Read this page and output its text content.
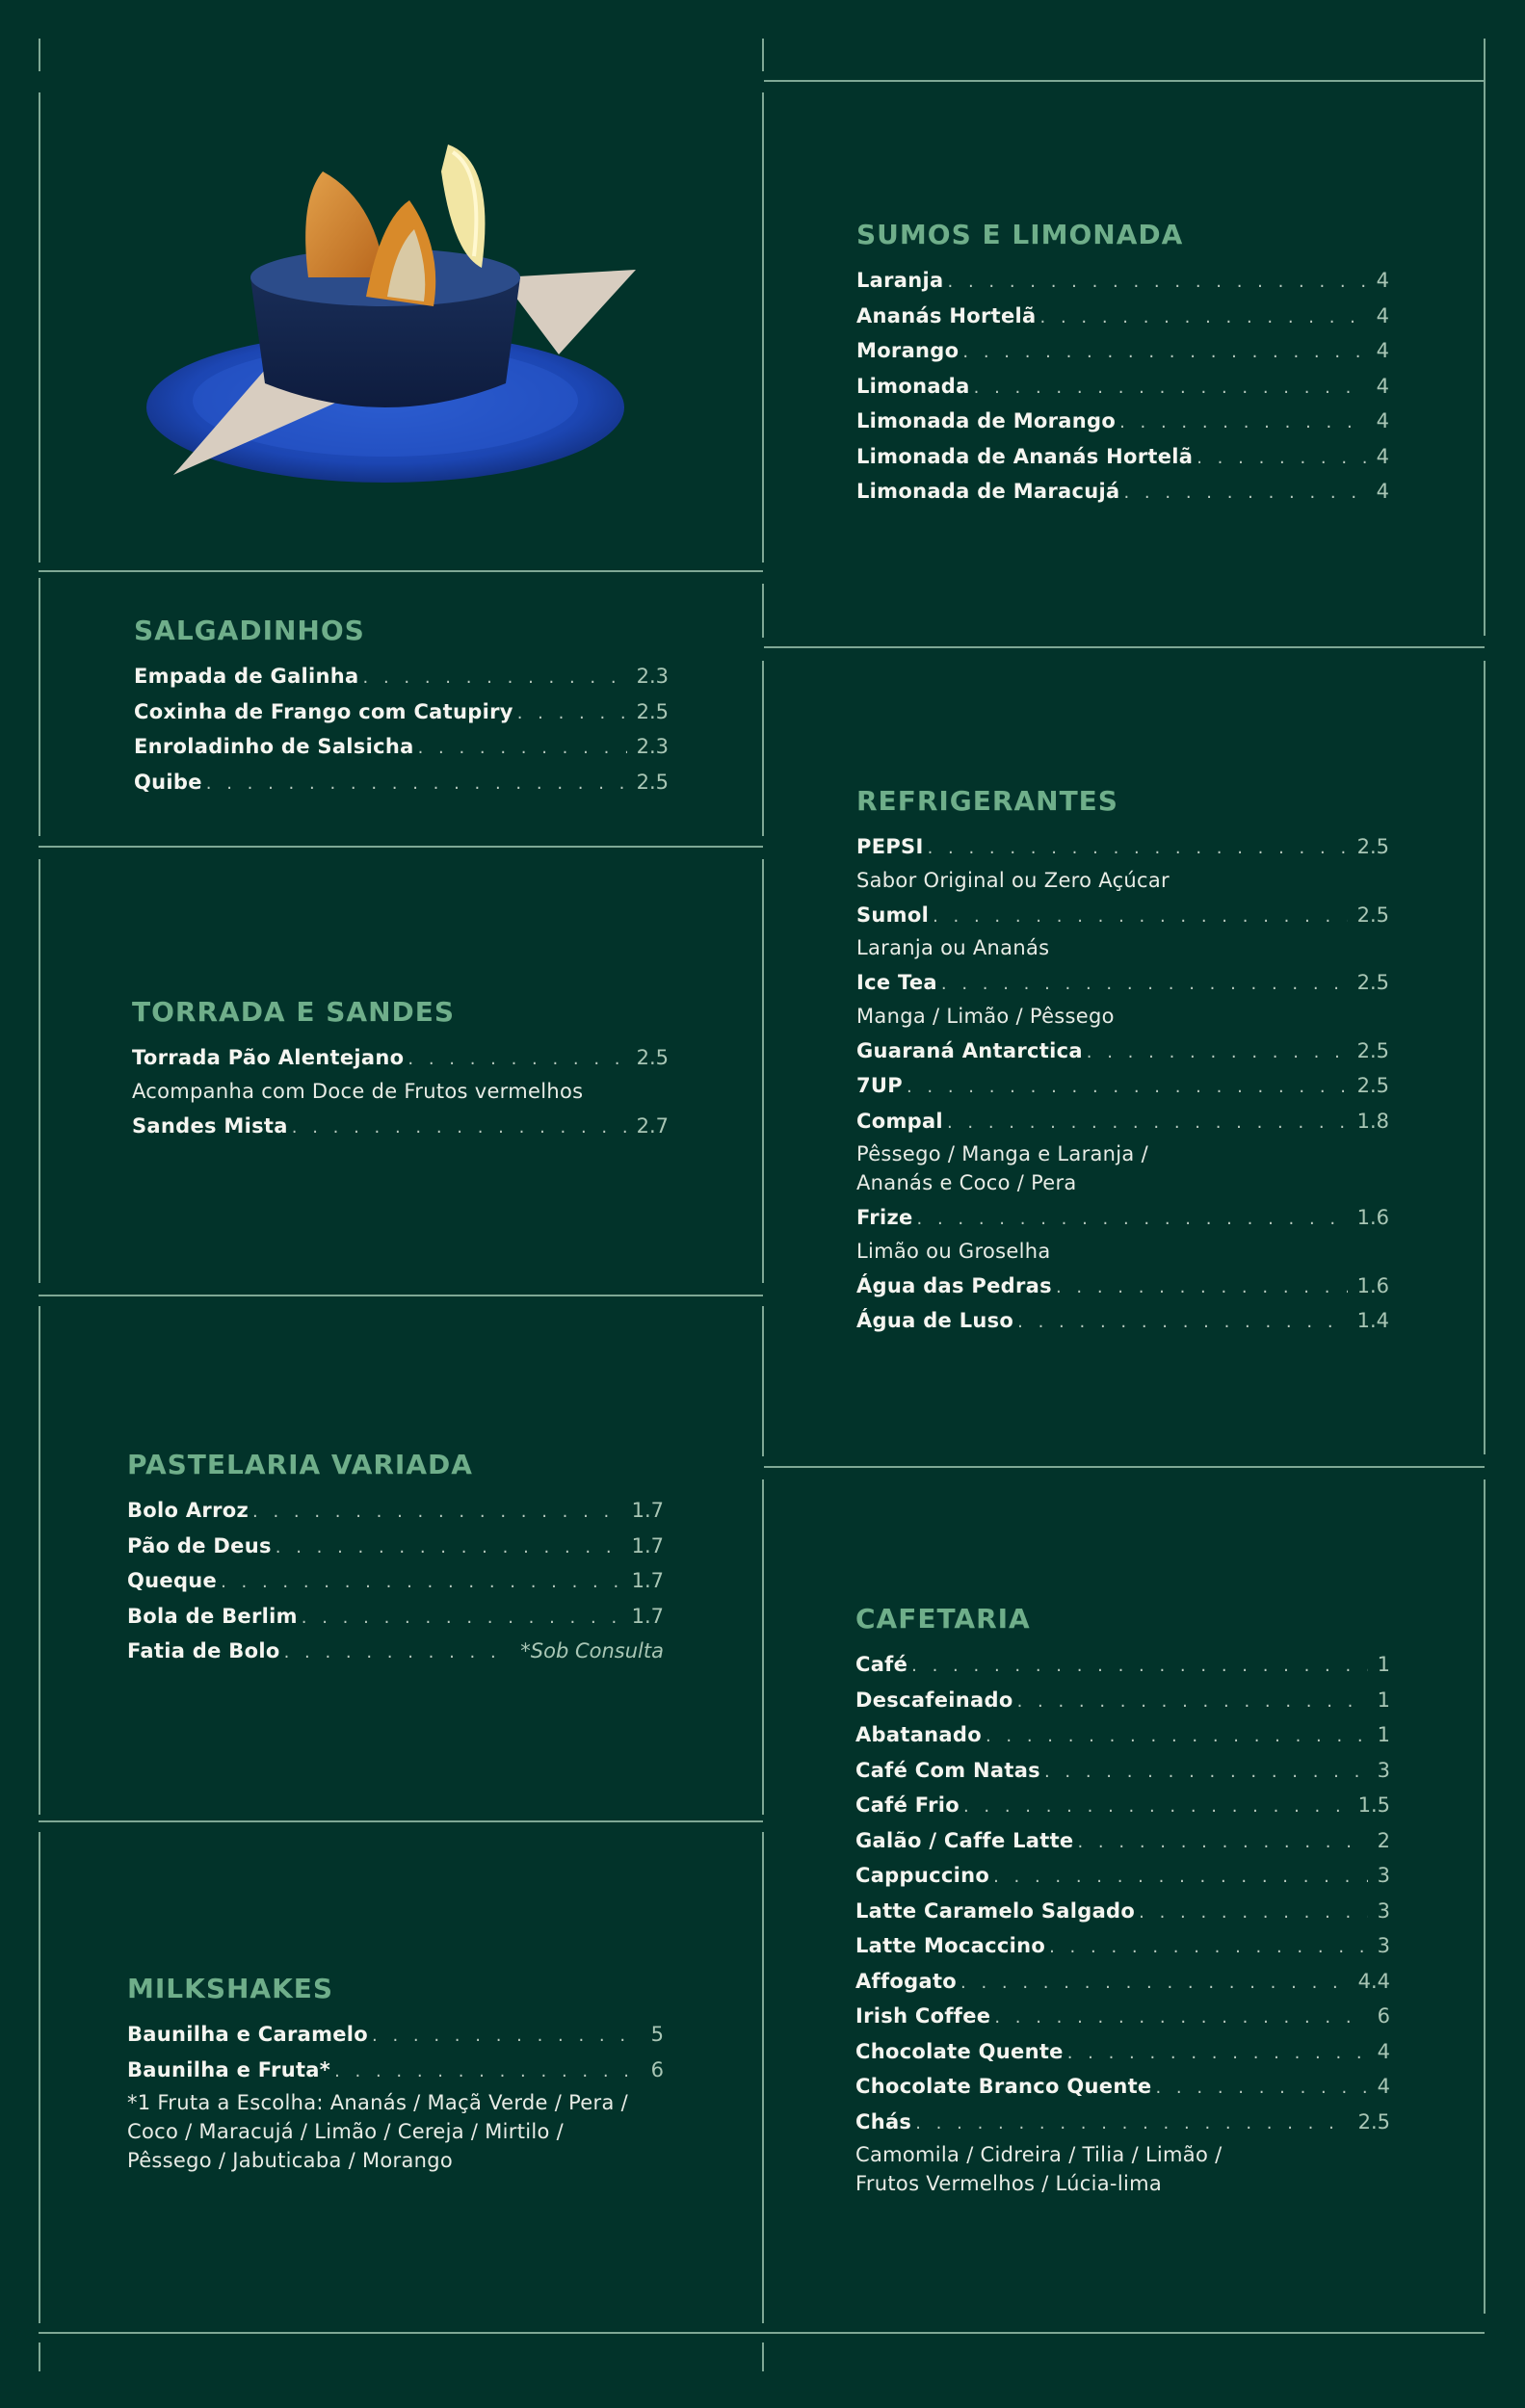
SUMOS E LIMONADA
Laranja . . .	4
Ananás Hortelã . . .	4
Morango . . .	4
Limonada . . .	4
Limonada de Morango . . .	4
Limonada de Ananás Hortelã . . .	4
Limonada de Maracujá . . .	4
SALGADINHOS
Empada de Galinha . . .	2.3
Coxinha de Frango com Catupiry . . .	2.5
Enroladinho de Salsicha . . .	2.3
Quibe . . .	2.5
TORRADA E SANDES
Torrada Pão Alentejano . . .	2.5
Acompanha com Doce de Frutos vermelhos
Sandes Mista . . .	2.7
REFRIGERANTES
PEPSI . . .	2.5
Sabor Original ou Zero Açúcar
Sumol . . .	2.5
Laranja ou Ananás
Ice Tea . . .	2.5
Manga / Limão / Pêssego
Guaraná Antarctica . . .	2.5
7UP . . .	2.5
Compal . . .	1.8
Pêssego / Manga e Laranja /
Ananás e Coco / Pera
Frize . . .	1.6
Limão ou Groselha
Água das Pedras . . .	1.6
Água de Luso . . .	1.4
PASTELARIA VARIADA
Bolo Arroz . . .	1.7
Pão de Deus . . .	1.7
Queque . . .	1.7
Bola de Berlim . . .	1.7
Fatia de Bolo . . .	*Sob Consulta
MILKSHAKES
Baunilha e Caramelo . . .	5
Baunilha e Fruta* . . .	6
*1 Fruta a Escolha: Ananás / Maçã Verde / Pera /
Coco / Maracujá / Limão / Cereja / Mirtilo /
Pêssego / Jabuticaba / Morango
CAFETARIA
Café . . .	1
Descafeinado . . .	1
Abatanado . . .	1
Café Com Natas . . .	3
Café Frio . . .	1.5
Galão / Caffe Latte . . .	2
Cappuccino . . .	3
Latte Caramelo Salgado . . .	3
Latte Mocaccino . . .	3
Affogato . . .	4.4
Irish Coffee . . .	6
Chocolate Quente . . .	4
Chocolate Branco Quente . . .	4
Chás . . .	2.5
Camomila / Cidreira / Tilia / Limão /
Frutos Vermelhos / Lúcia-lima
